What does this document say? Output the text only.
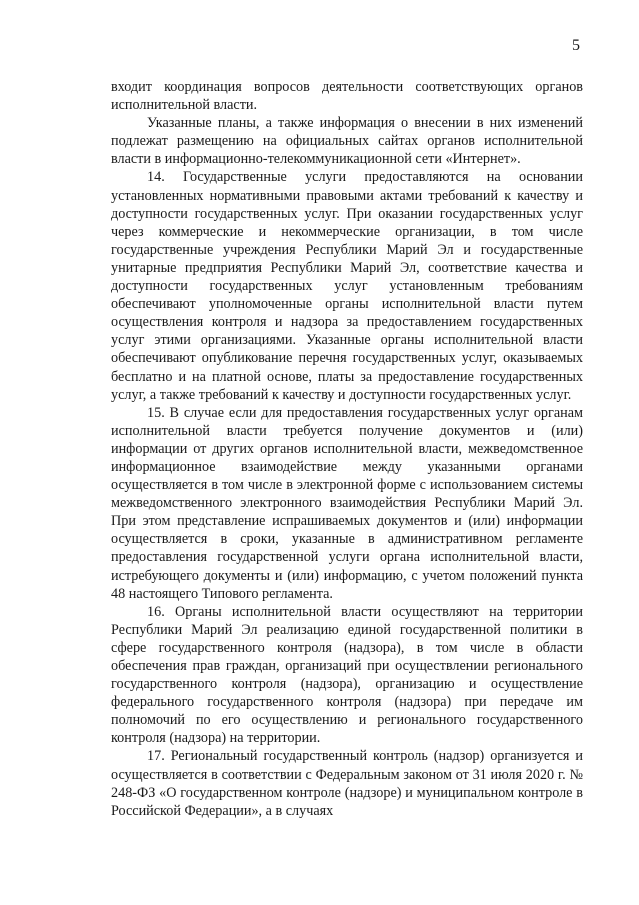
5

входит координация вопросов деятельности соответствующих органов исполнительной власти.

Указанные планы, а также информация о внесении в них изменений подлежат размещению на официальных сайтах органов исполнительной власти в информационно-телекоммуникационной сети «Интернет».

14. Государственные услуги предоставляются на основании установленных нормативными правовыми актами требований к качеству и доступности государственных услуг. При оказании государственных услуг через коммерческие и некоммерческие организации, в том числе государственные учреждения Республики Марий Эл и государственные унитарные предприятия Республики Марий Эл, соответствие качества и доступности государственных услуг установленным требованиям обеспечивают уполномоченные органы исполнительной власти путем осуществления контроля и надзора за предоставлением государственных услуг этими организациями. Указанные органы исполнительной власти обеспечивают опубликование перечня государственных услуг, оказываемых бесплатно и на платной основе, платы за предоставление государственных услуг, а также требований к качеству и доступности государственных услуг.

15. В случае если для предоставления государственных услуг органам исполнительной власти требуется получение документов и (или) информации от других органов исполнительной власти, межведомственное информационное взаимодействие между указанными органами осуществляется в том числе в электронной форме с использованием системы межведомственного электронного взаимодействия Республики Марий Эл. При этом представление испрашиваемых документов и (или) информации осуществляется в сроки, указанные в административном регламенте предоставления государственной услуги органа исполнительной власти, истребующего документы и (или) информацию, с учетом положений пункта 48 настоящего Типового регламента.

16. Органы исполнительной власти осуществляют на территории Республики Марий Эл реализацию единой государственной политики в сфере государственного контроля (надзора), в том числе в области обеспечения прав граждан, организаций при осуществлении регионального государственного контроля (надзора), организацию и осуществление федерального государственного контроля (надзора) при передаче им полномочий по его осуществлению и регионального государственного контроля (надзора) на территории.

17. Региональный государственный контроль (надзор) организуется и осуществляется в соответствии с Федеральным законом от 31 июля 2020 г. № 248-ФЗ «О государственном контроле (надзоре) и муниципальном контроле в Российской Федерации», а в случаях
